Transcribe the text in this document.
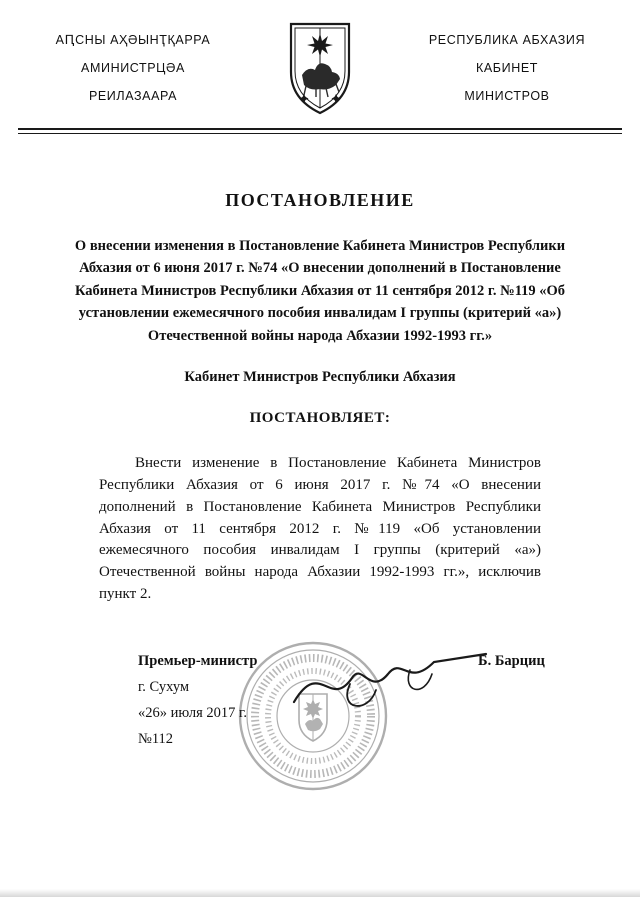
АԤСНЫ АҲӘЫНҬҚАРРА
АМИНИСТРЦӘА
РЕИЛАЗААРА
РЕСПУБЛИКА АБХАЗИЯ
КАБИНЕТ
МИНИСТРОВ
ПОСТАНОВЛЕНИЕ
О внесении изменения в Постановление Кабинета Министров Республики Абхазия от 6 июня 2017 г. №74 «О внесении дополнений в Постановление Кабинета Министров Республики Абхазия от 11 сентября 2012 г. №119 «Об установлении ежемесячного пособия инвалидам I группы (критерий «а») Отечественной войны народа Абхазии 1992-1993 гг.»
Кабинет Министров Республики Абхазия
ПОСТАНОВЛЯЕТ:
Внести изменение в Постановление Кабинета Министров Республики Абхазия от 6 июня 2017 г. №74 «О внесении дополнений в Постановление Кабинета Министров Республики Абхазия от 11 сентября 2012 г. №119 «Об установлении ежемесячного пособия инвалидам I группы (критерий «а») Отечественной войны народа Абхазии 1992-1993 гг.», исключив пункт 2.
Премьер-министр	Б. Барциц
г. Сухум
«26» июля 2017 г.
№112
